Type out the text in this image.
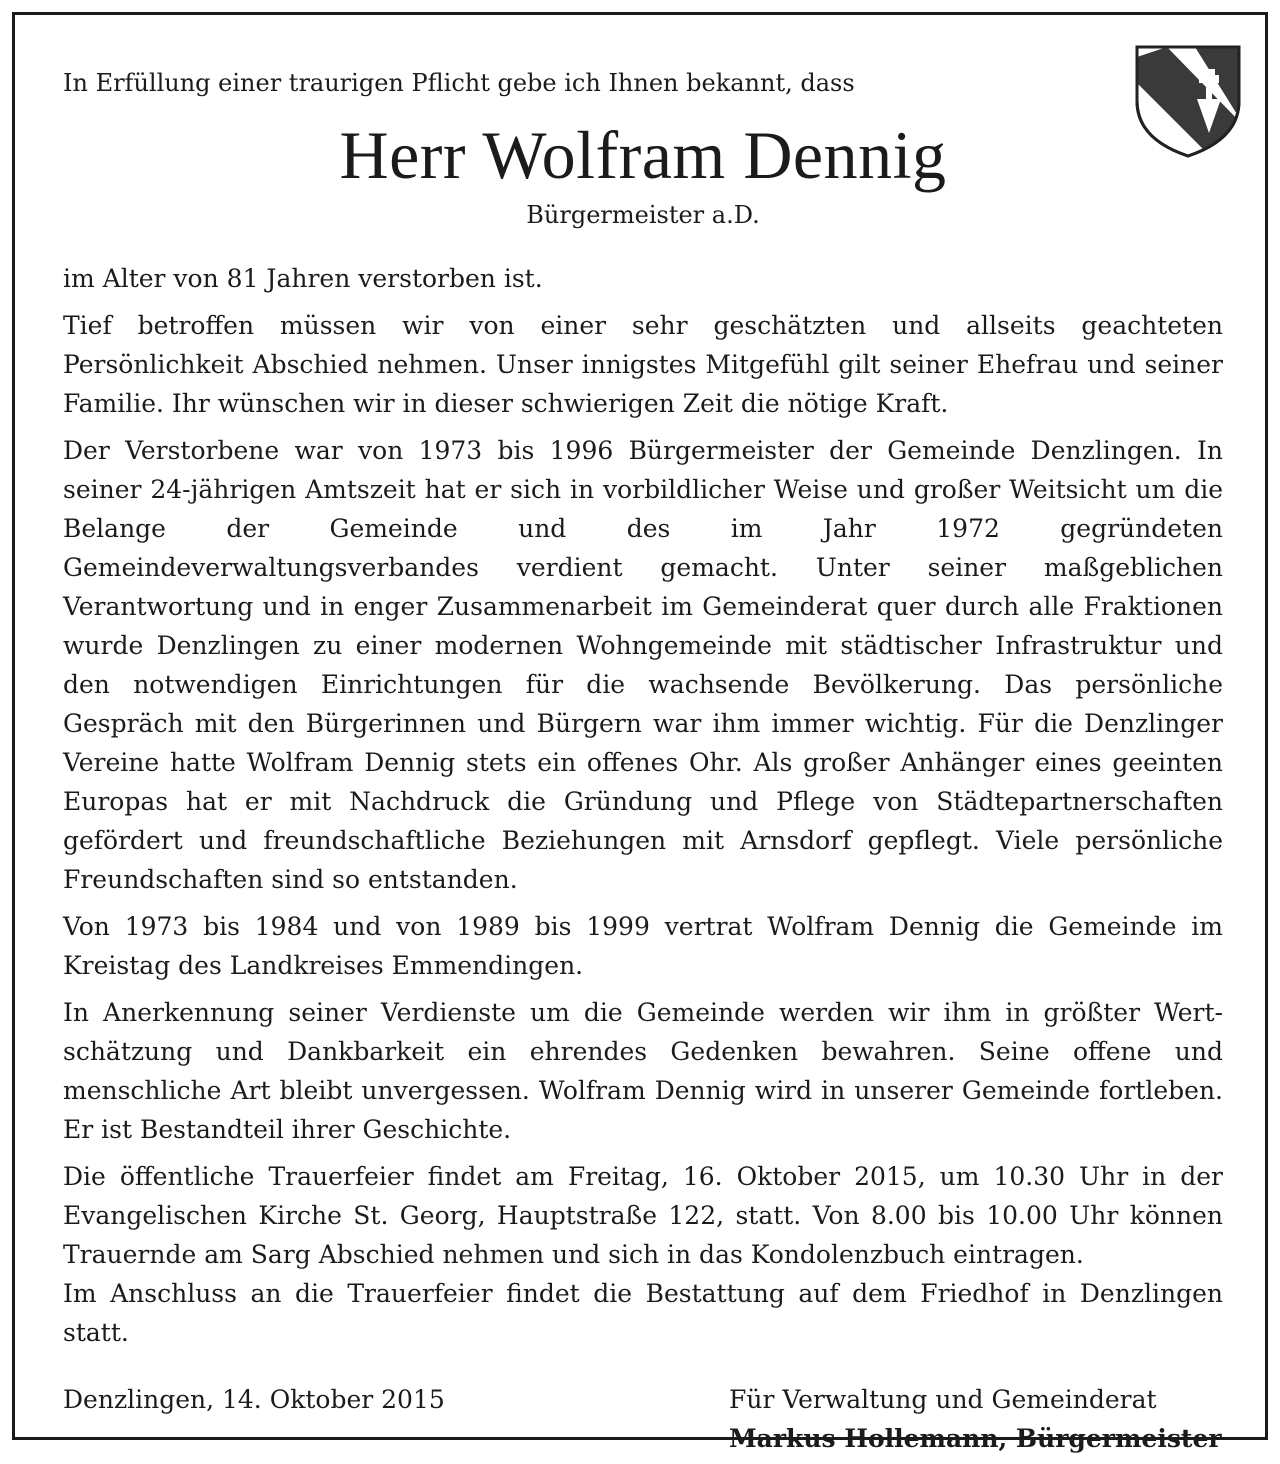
In Erfüllung einer traurigen Pflicht gebe ich Ihnen bekannt, dass

Herr Wolfram Dennig

Bürgermeister a.D.

im Alter von 81 Jahren verstorben ist.

Tief betroffen müssen wir von einer sehr geschätzten und allseits geachteten Persönlichkeit Abschied nehmen. Unser innigstes Mitgefühl gilt seiner Ehefrau und seiner Familie. Ihr wünschen wir in dieser schwierigen Zeit die nötige Kraft.

Der Verstorbene war von 1973 bis 1996 Bürgermeister der Gemeinde Denzlingen. In seiner 24-jährigen Amtszeit hat er sich in vorbildlicher Weise und großer Weitsicht um die Belange der Gemeinde und des im Jahr 1972 gegründeten Gemeindeverwaltungsverbandes verdient gemacht. Unter seiner maßgeblichen Verantwortung und in enger Zusammenarbeit im Gemeinderat quer durch alle Fraktionen wurde Denzlingen zu einer modernen Wohngemeinde mit städtischer Infrastruktur und den notwendigen Einrichtungen für die wachsende Bevölkerung. Das persönliche Gespräch mit den Bürgerinnen und Bürgern war ihm immer wichtig. Für die Denzlinger Vereine hatte Wolfram Dennig stets ein offenes Ohr. Als großer Anhänger eines geeinten Europas hat er mit Nachdruck die Gründung und Pflege von Städtepartnerschaften gefördert und freundschaftliche Beziehungen mit Arnsdorf gepflegt. Viele persönliche Freundschaften sind so entstanden.

Von 1973 bis 1984 und von 1989 bis 1999 vertrat Wolfram Dennig die Gemeinde im Kreistag des Landkreises Emmendingen.

In Anerkennung seiner Verdienste um die Gemeinde werden wir ihm in größter Wertschätzung und Dankbarkeit ein ehrendes Gedenken bewahren. Seine offene und menschliche Art bleibt unvergessen. Wolfram Dennig wird in unserer Gemeinde fortleben. Er ist Bestandteil ihrer Geschichte.

Die öffentliche Trauerfeier findet am Freitag, 16. Oktober 2015, um 10.30 Uhr in der Evangelischen Kirche St. Georg, Hauptstraße 122, statt. Von 8.00 bis 10.00 Uhr können Trauernde am Sarg Abschied nehmen und sich in das Kondolenzbuch eintragen.

Im Anschluss an die Trauerfeier findet die Bestattung auf dem Friedhof in Denzlingen statt.

Denzlingen, 14. Oktober 2015	Für Verwaltung und Gemeinderat
Markus Hollemann, Bürgermeister
